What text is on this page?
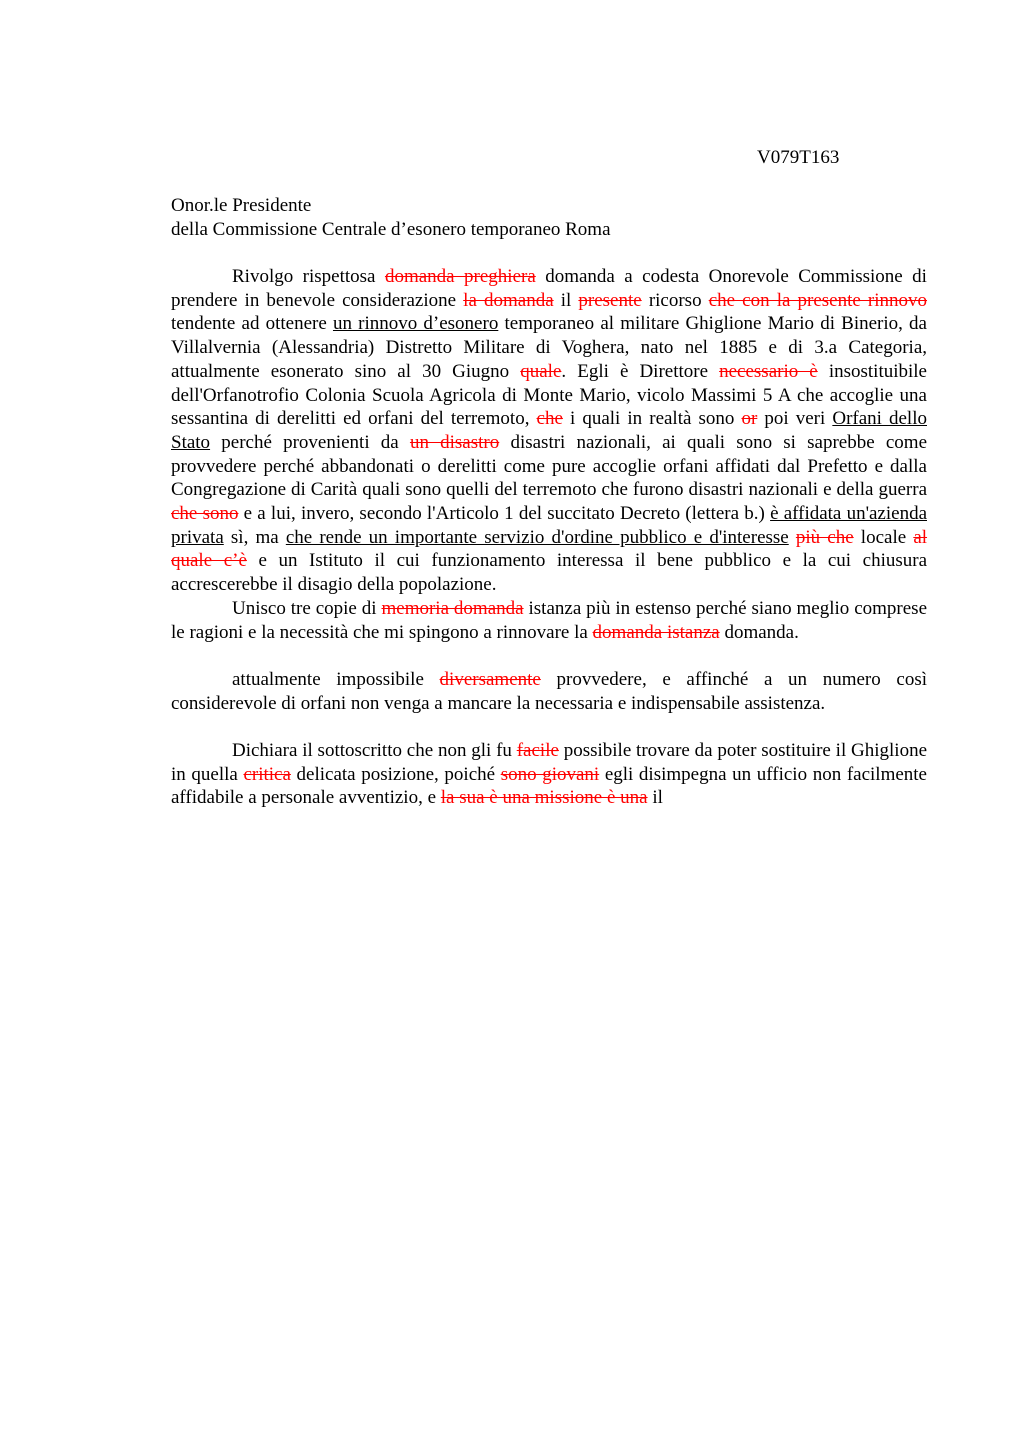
V079T163
Onor.le Presidente
della Commissione Centrale d’esonero temporaneo Roma

Rivolgo rispettosa domanda preghiera domanda a codesta Onorevole Commissione di prendere in benevole considerazione la domanda il presente ricorso che con la presente rinnovo tendente ad ottenere un rinnovo d’esonero temporaneo al militare Ghiglione Mario di Binerio, da Villalvernia (Alessandria) Distretto Militare di Voghera, nato nel 1885 e di 3.a Categoria, attualmente esonerato sino al 30 Giugno quale. Egli è Direttore necessario è insostituibile dell'Orfanotrofio Colonia Scuola Agricola di Monte Mario, vicolo Massimi 5 A che accoglie una sessantina di derelitti ed orfani del terremoto, che i quali in realtà sono or poi veri Orfani dello Stato perché provenienti da un disastro disastri nazionali, ai quali sono si saprebbe come provvedere perché abbandonati o derelitti come pure accoglie orfani affidati dal Prefetto e dalla Congregazione di Carità quali sono quelli del terremoto che furono disastri nazionali e della guerra che sono e a lui, invero, secondo l'Articolo 1 del succitato Decreto (lettera b.) è affidata un'azienda privata sì, ma che rende un importante servizio d'ordine pubblico e d'interesse più che locale al quale c’è e un Istituto il cui funzionamento interessa il bene pubblico e la cui chiusura accrescerebbe il disagio della popolazione.

Unisco tre copie di memoria domanda istanza più in estenso perché siano meglio comprese le ragioni e la necessità che mi spingono a rinnovare la domanda istanza domanda.

attualmente impossibile diversamente provvedere, e affinché a un numero così considerevole di orfani non venga a mancare la necessaria e indispensabile assistenza.

Dichiara il sottoscritto che non gli fu facile possibile trovare da poter sostituire il Ghiglione in quella critica delicata posizione, poiché sono giovani egli disimpegna un ufficio non facilmente affidabile a personale avventizio, e la sua è una missione è una il
